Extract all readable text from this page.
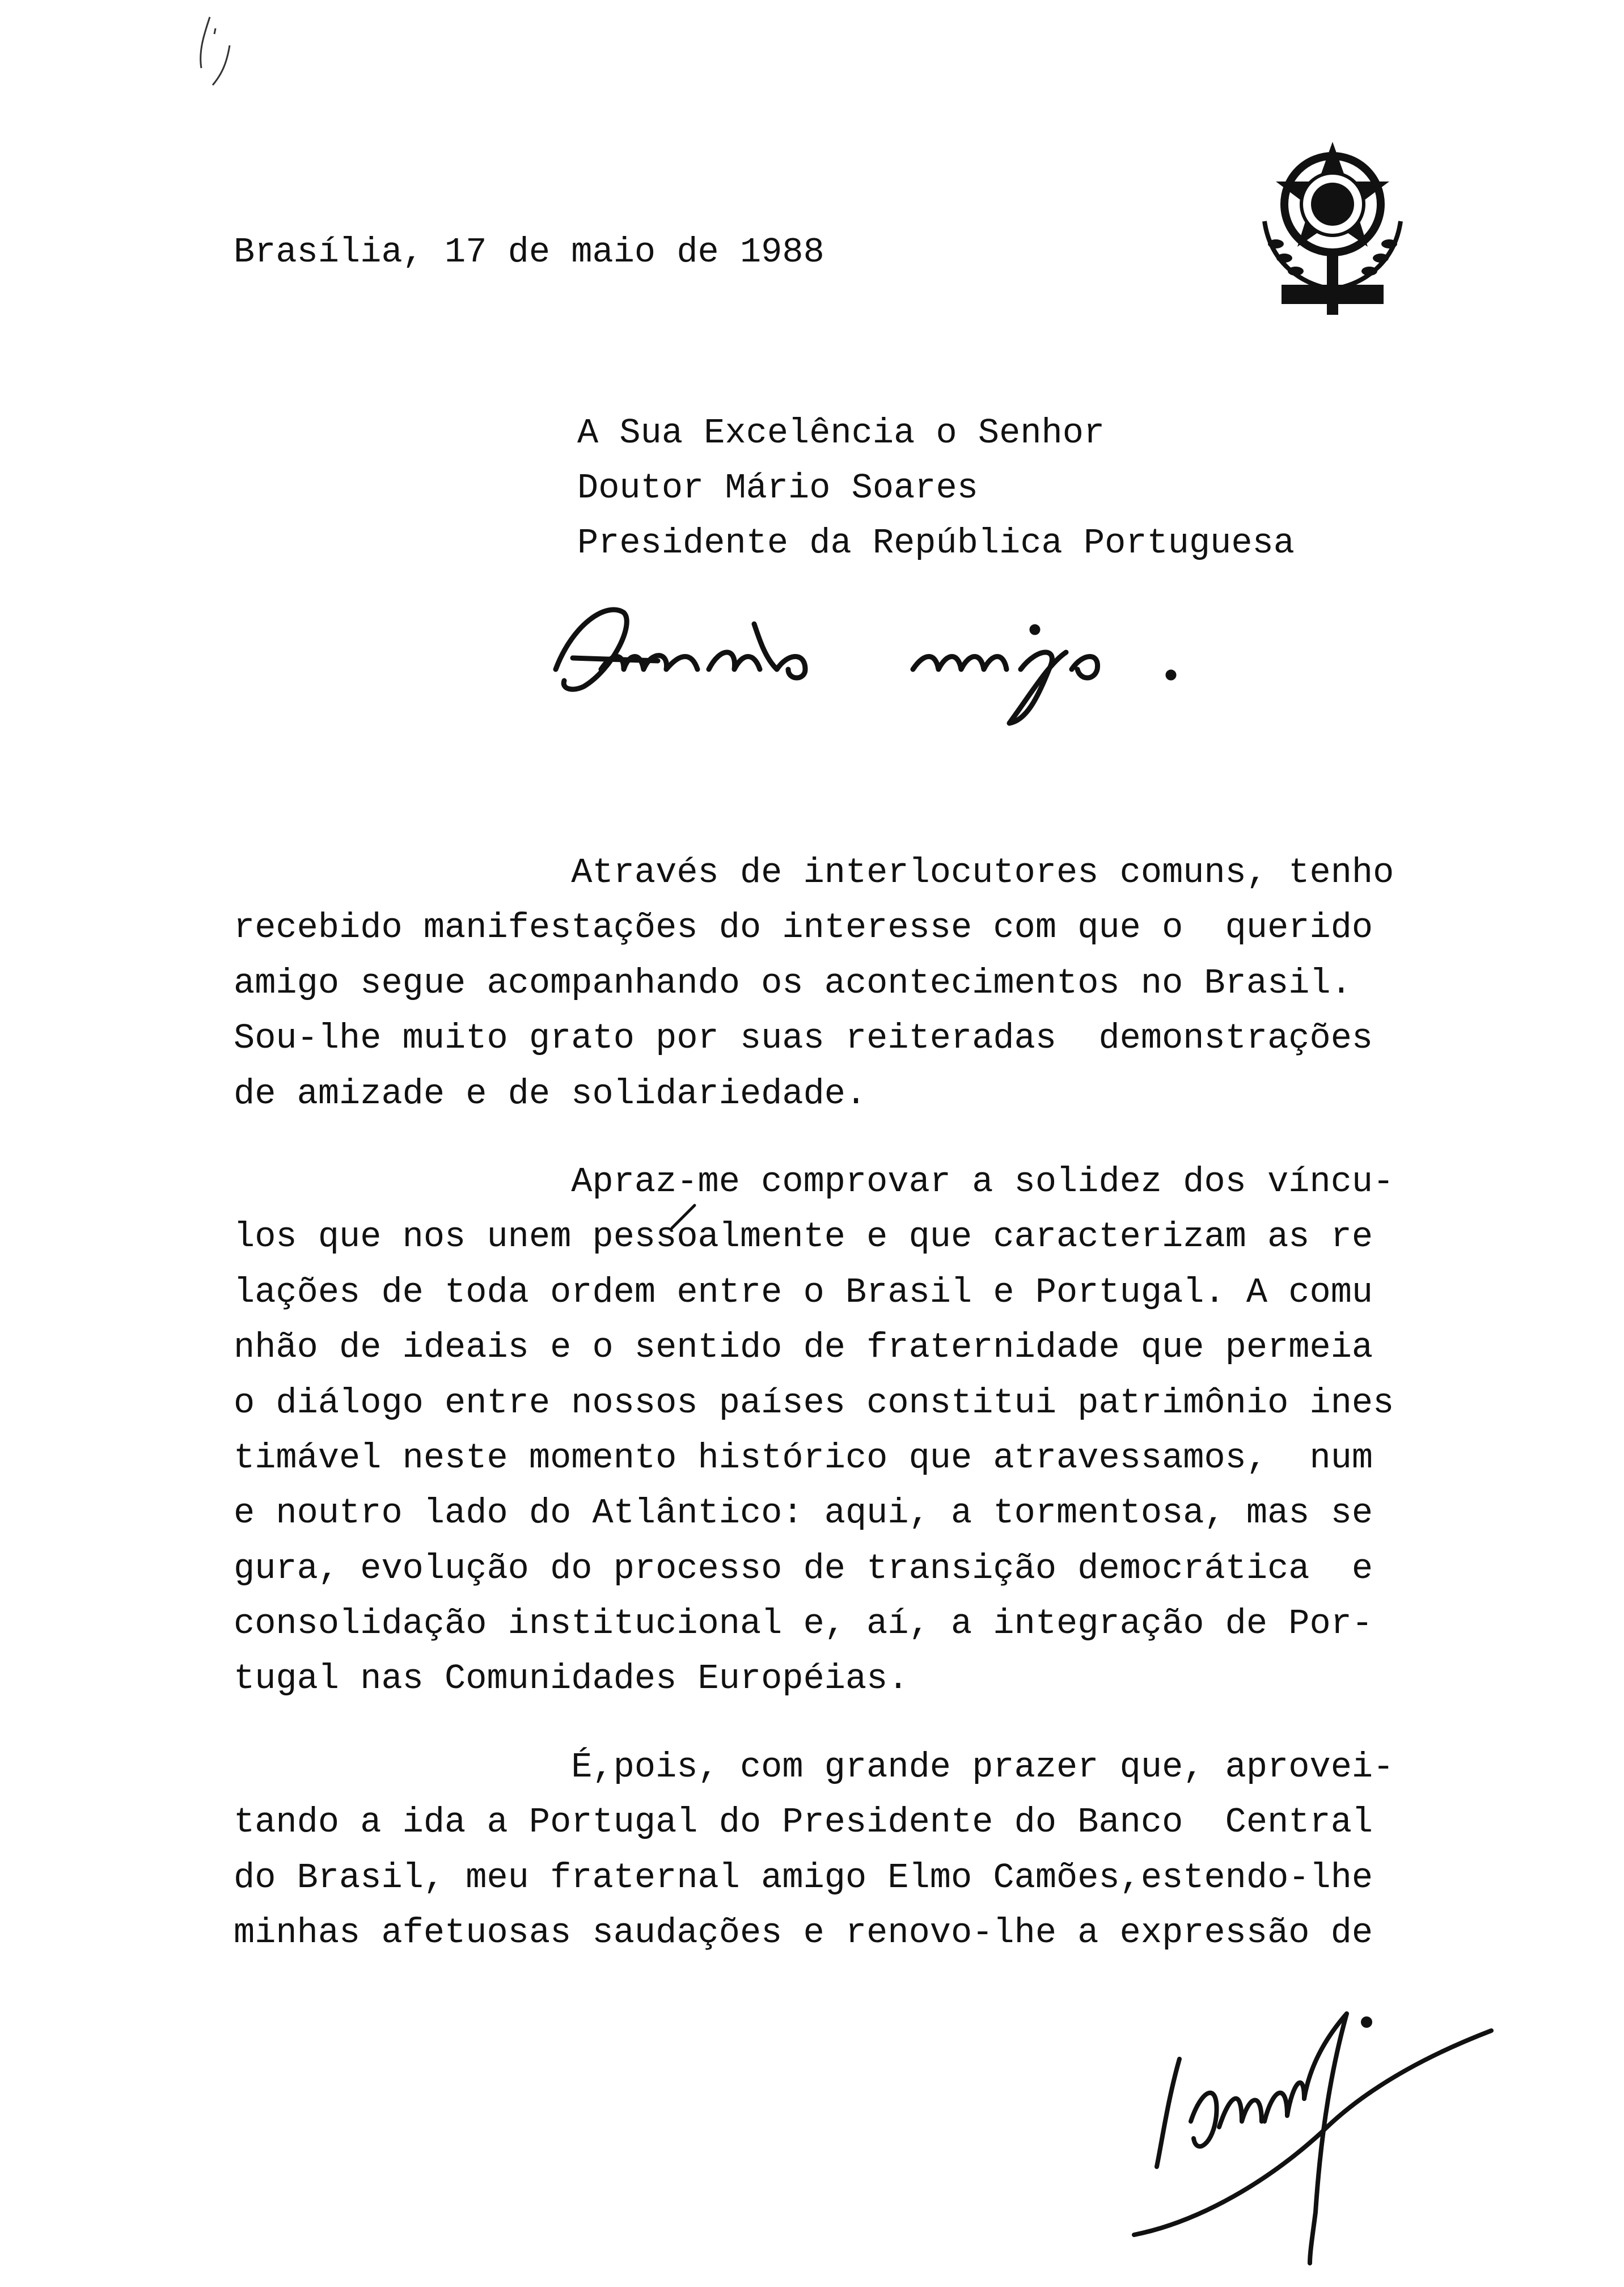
Brasília, 17 de maio de 1988
A Sua Excelência o Senhor
Doutor Mário Soares
Presidente da República Portuguesa
Através de interlocutores comuns, tenho
recebido manifestações do interesse com que o  querido
amigo segue acompanhando os acontecimentos no Brasil.
Sou-lhe muito grato por suas reiteradas  demonstrações
de amizade e de solidariedade.
Apraz-me comprovar a solidez dos víncu-
los que nos unem pessoalmente e que caracterizam as re
lações de toda ordem entre o Brasil e Portugal. A comu
nhão de ideais e o sentido de fraternidade que permeia
o diálogo entre nossos países constitui patrimônio ines
timável neste momento histórico que atravessamos,  num
e noutro lado do Atlântico: aqui, a tormentosa, mas se
gura, evolução do processo de transição democrática  e
consolidação institucional e, aí, a integração de Por-
tugal nas Comunidades Européias.
É,pois, com grande prazer que, aprovei-
tando a ida a Portugal do Presidente do Banco  Central
do Brasil, meu fraternal amigo Elmo Camões,estendo-lhe
minhas afetuosas saudações e renovo-lhe a expressão de
